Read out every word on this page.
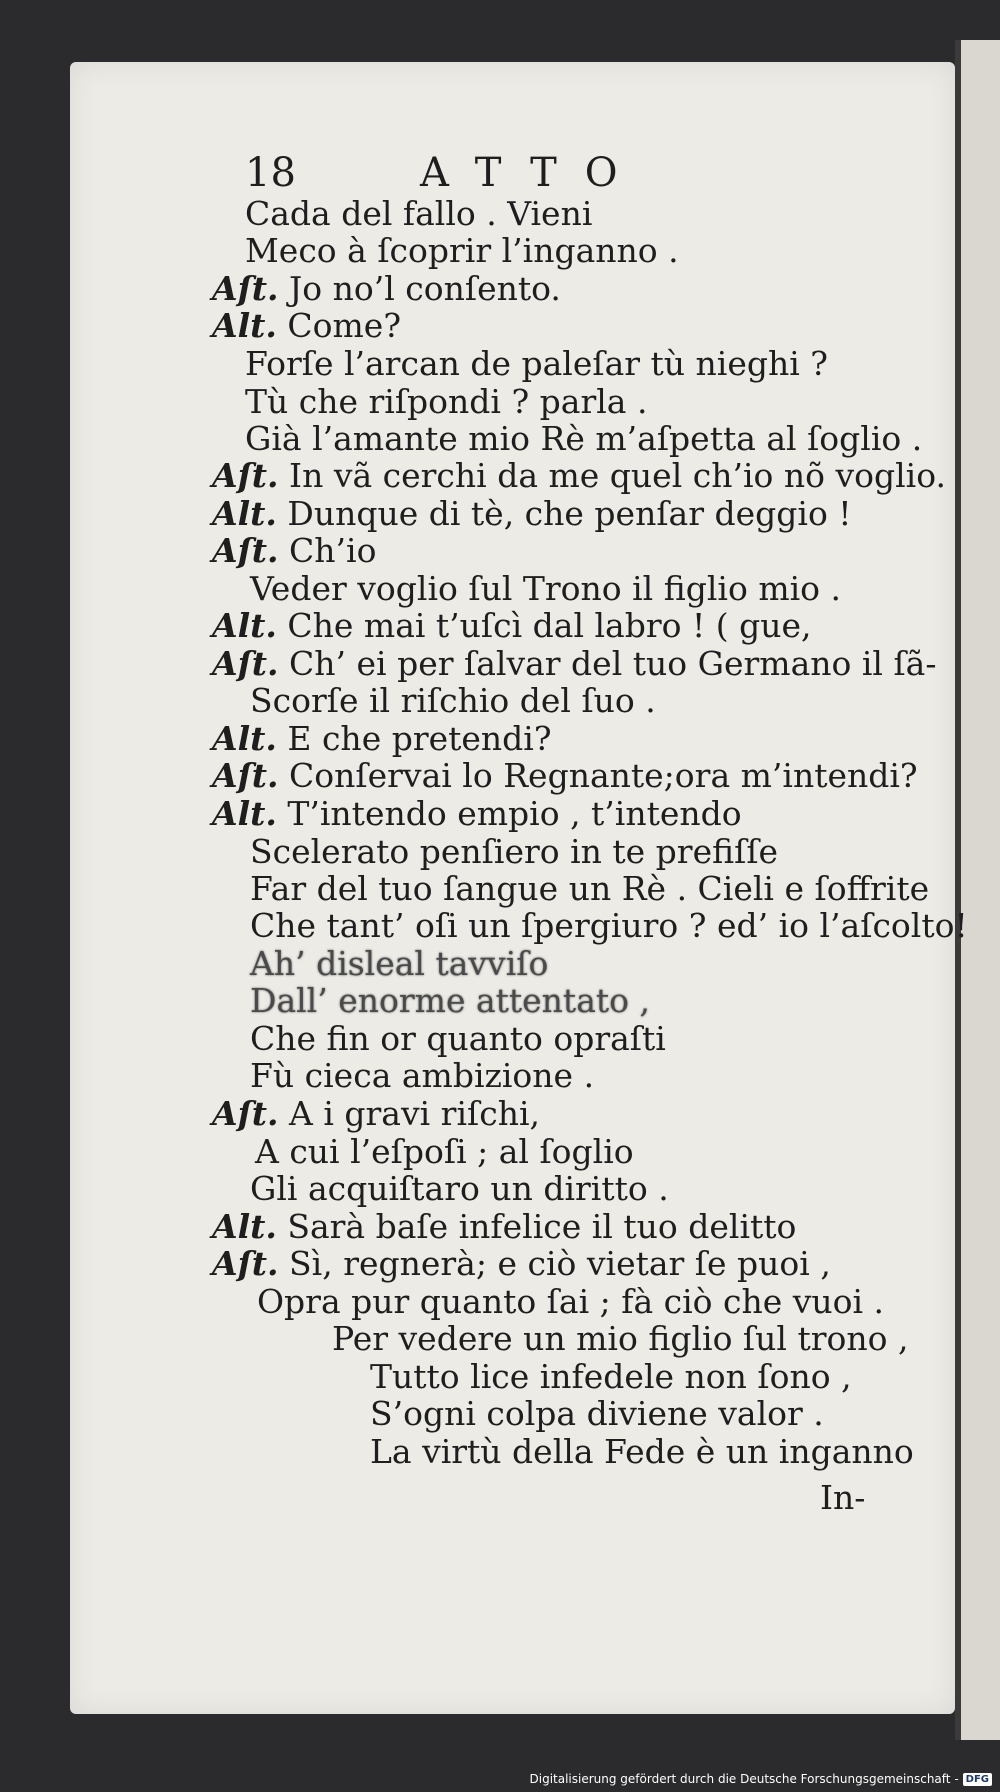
18	ATTO
Cada del fallo . Vieni
Meco à ſcoprir l’inganno .
Aſt. Jo no’l conſento.
Alt. Come?
Forſe l’arcan de paleſar tù nieghi ?
Tù che riſpondi ? parla .
Già l’amante mio Rè m’aſpetta al ſoglio .
Aſt. In vã cerchi da me quel ch’io nõ voglio.
Alt. Dunque di tè, che penſar deggio !
Aſt. Ch’io
Veder voglio ſul Trono il figlio mio .
Alt. Che mai t’uſcì dal labro ! ( gue,
Aſt. Ch’ ei per ſalvar del tuo Germano il ſã-
Scorſe il riſchio del ſuo .
Alt. E che pretendi?
Aſt. Conſervai lo Regnante;ora m’intendi?
Alt. T’intendo empio , t’intendo
Scelerato penſiero in te prefiſſe
Far del tuo ſangue un Rè . Cieli e ſoffrite
Che tant’ oſi un ſpergiuro ? ed’ io l’aſcolto!
Ah’ disleal tavviſo
Dall’ enorme attentato ,
Che fin or quanto opraſti
Fù cieca ambizione .
Aſt. A i gravi riſchi,
A cui l’eſpoſi ; al ſoglio
Gli acquiſtaro un diritto .
Alt. Sarà baſe infelice il tuo delitto
Aſt. Sì, regnerà; e ciò vietar ſe puoi ,
Opra pur quanto ſai ; fà ciò che vuoi .
Per vedere un mio figlio ſul trono ,
Tutto lice infedele non ſono ,
S’ogni colpa diviene valor .
La virtù della Fede è un inganno
In-
Digitalisierung gefördert durch die Deutsche Forschungsgemeinschaft - DFG
